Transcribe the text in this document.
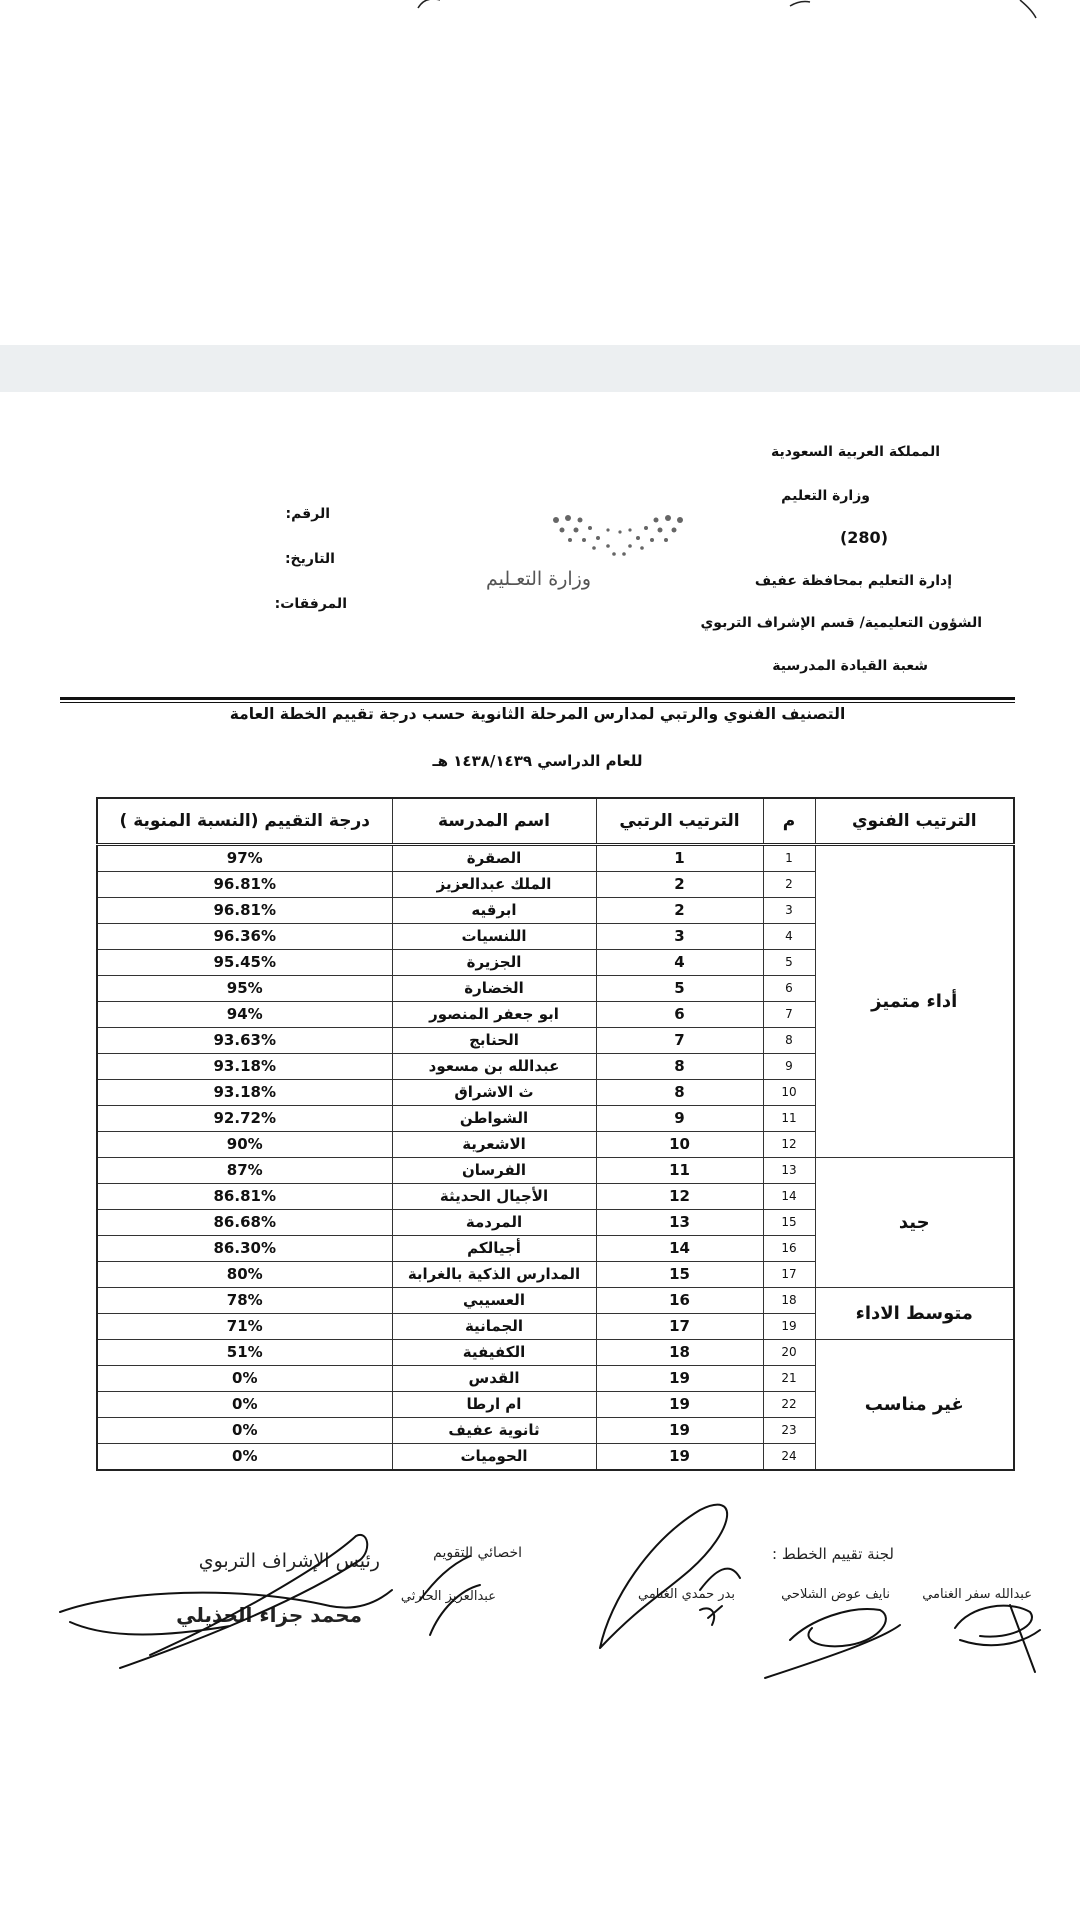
المملكة العربية السعودية
وزارة التعليم
(280)
إدارة التعليم بمحافظة عفيف
الشؤون التعليمية/ قسم الإشراف التربوي
شعبة القيادة المدرسية
وزارة التعـليم
الرقم:
التاريخ:
المرفقات:
التصنيف الفنوي والرتبي لمدارس المرحلة الثانوية حسب درجة تقييم الخطة العامة
للعام الدراسي ١٤٣٨/١٤٣٩ هـ
الترتيب الفنوي	م	الترتيب الرتبي	اسم المدرسة	درجة التقييم (النسبة المنوية )
أداء متميز	1	1	الصقرة	97%
	2	2	الملك عبدالعزيز	96.81%
	3	2	ابرقيه	96.81%
	4	3	اللنسيات	96.36%
	5	4	الجزيرة	95.45%
	6	5	الخضارة	95%
	7	6	ابو جعفر المنصور	94%
	8	7	الحنابج	93.63%
	9	8	عبدالله بن مسعود	93.18%
	10	8	ث الاشراق	93.18%
	11	9	الشواطن	92.72%
	12	10	الاشعرية	90%
جيد	13	11	الفرسان	87%
	14	12	الأجيال الحديثة	86.81%
	15	13	المردمة	86.68%
	16	14	أجيالكم	86.30%
	17	15	المدارس الذكية بالغرابة	80%
متوسط الاداء	18	16	العسيبي	78%
	19	17	الجمانية	71%
غير مناسب	20	18	الكفيفية	51%
	21	19	القدس	0%
	22	19	ام ارطا	0%
	23	19	ثانوية عفيف	0%
	24	19	الحوميات	0%
لجنة تقييم الخطط :
اخصائي التقويم
رئيس الإشراف التربوي
عبدالله سفر الغنامي
نايف عوض الشلاحي
بدر حمدي الغنامي
عبدالعزيز الحارثي
محمد جزاء الحذيلي
